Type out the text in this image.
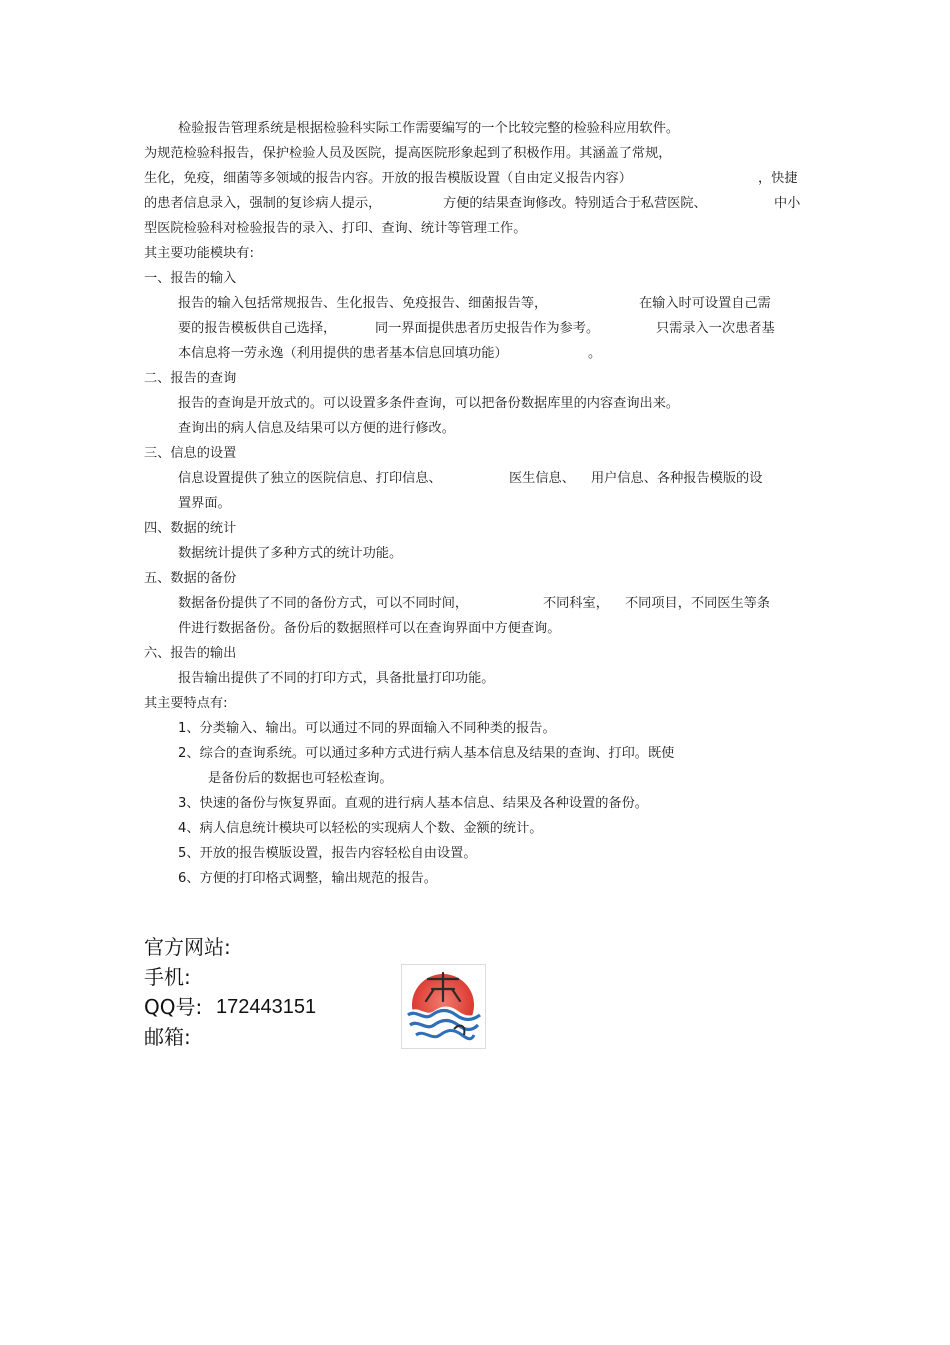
检验报告管理系统是根据检验科实际工作需要编写的一个比较完整的检验科应用软件。
为规范检验科报告，保护检验人员及医院，提高医院形象起到了积极作用。其涵盖了常规，
生化，免疫，细菌等多领域的报告内容。开放的报告模版设置（自由定义报告内容）	，快捷
的患者信息录入，强制的复诊病人提示，	方便的结果查询修改。特别适合于私营医院、	中小
型医院检验科对检验报告的录入、打印、查询、统计等管理工作。
其主要功能模块有:
一、报告的输入
报告的输入包括常规报告、生化报告、免疫报告、细菌报告等，	在输入时可设置自己需
要的报告模板供自己选择，	同一界面提供患者历史报告作为参考。	只需录入一次患者基
本信息将一劳永逸（利用提供的患者基本信息回填功能）	。
二、报告的查询
报告的查询是开放式的。可以设置多条件查询，可以把备份数据库里的内容查询出来。
查询出的病人信息及结果可以方便的进行修改。
三、信息的设置
信息设置提供了独立的医院信息、打印信息、	医生信息、 用户信息、各种报告模版的设
置界面。
四、数据的统计
数据统计提供了多种方式的统计功能。
五、数据的备份
数据备份提供了不同的备份方式，可以不同时间，	不同科室， 不同项目，不同医生等条
件进行数据备份。备份后的数据照样可以在查询界面中方便查询。
六、报告的输出
报告输出提供了不同的打印方式，具备批量打印功能。
其主要特点有:
1、分类输入、输出。可以通过不同的界面输入不同种类的报告。
2、综合的查询系统。可以通过多种方式进行病人基本信息及结果的查询、打印。既使
是备份后的数据也可轻松查询。
3、快速的备份与恢复界面。直观的进行病人基本信息、结果及各种设置的备份。
4、病人信息统计模块可以轻松的实现病人个数、金额的统计。
5、开放的报告模版设置，报告内容轻松自由设置。
6、方便的打印格式调整，输出规范的报告。
官方网站:
手机:
QQ号: 172443151
邮箱:
